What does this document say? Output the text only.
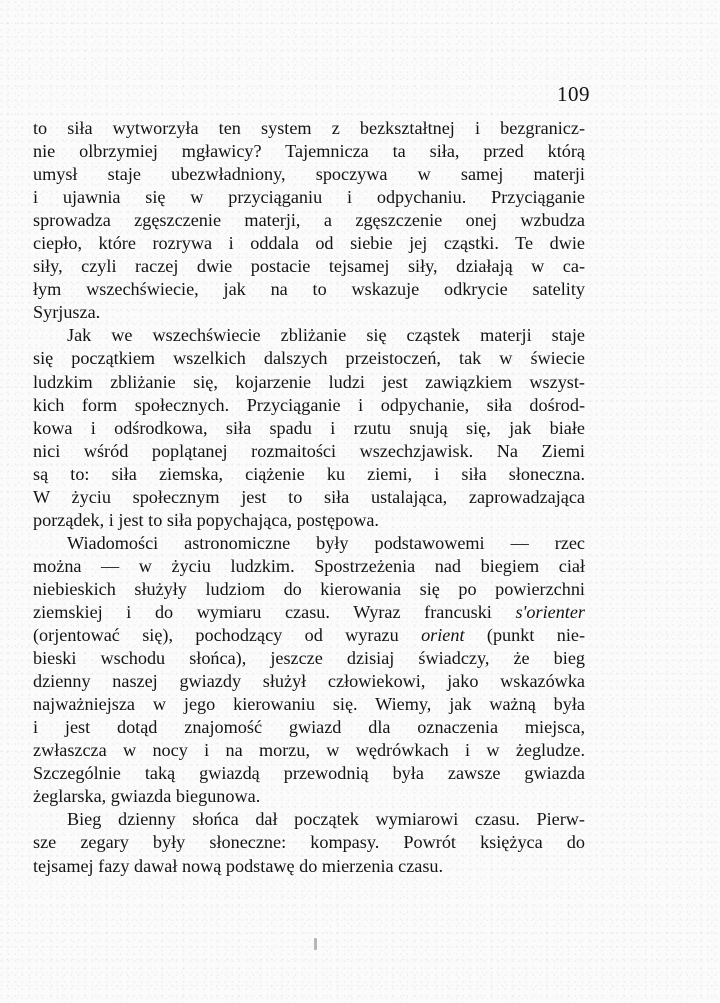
109
to siła wytworzyła ten system z bezkształtnej i bezgranicz-
nie olbrzymiej mgławicy? Tajemnicza ta siła, przed którą
umysł staje ubezwładniony, spoczywa w samej materji
i ujawnia się w przyciąganiu i odpychaniu. Przyciąganie
sprowadza zgęszczenie materji, a zgęszczenie onej wzbudza
ciepło, które rozrywa i oddala od siebie jej cząstki. Te dwie
siły, czyli raczej dwie postacie tejsamej siły, działają w ca-
łym wszechświecie, jak na to wskazuje odkrycie satelity
Syrjusza.
Jak we wszechświecie zbliżanie się cząstek materji staje
się początkiem wszelkich dalszych przeistoczeń, tak w świecie
ludzkim zbliżanie się, kojarzenie ludzi jest zawiązkiem wszyst-
kich form społecznych. Przyciąganie i odpychanie, siła dośrod-
kowa i odśrodkowa, siła spadu i rzutu snują się, jak białe
nici wśród poplątanej rozmaitości wszechzjawisk. Na Ziemi
są to: siła ziemska, ciążenie ku ziemi, i siła słoneczna.
W życiu społecznym jest to siła ustalająca, zaprowadzająca
porządek, i jest to siła popychająca, postępowa.
Wiadomości astronomiczne były podstawowemi — rzec
można — w życiu ludzkim. Spostrzeżenia nad biegiem ciał
niebieskich służyły ludziom do kierowania się po powierzchni
ziemskiej i do wymiaru czasu. Wyraz francuski s'orienter
(orjentować się), pochodzący od wyrazu orient (punkt nie-
bieski wschodu słońca), jeszcze dzisiaj świadczy, że bieg
dzienny naszej gwiazdy służył człowiekowi, jako wskazówka
najważniejsza w jego kierowaniu się. Wiemy, jak ważną była
i jest dotąd znajomość gwiazd dla oznaczenia miejsca,
zwłaszcza w nocy i na morzu, w wędrówkach i w żegludze.
Szczególnie taką gwiazdą przewodnią była zawsze gwiazda
żeglarska, gwiazda biegunowa.
Bieg dzienny słońca dał początek wymiarowi czasu. Pierw-
sze zegary były słoneczne: kompasy. Powrót księżyca do
tejsamej fazy dawał nową podstawę do mierzenia czasu.
